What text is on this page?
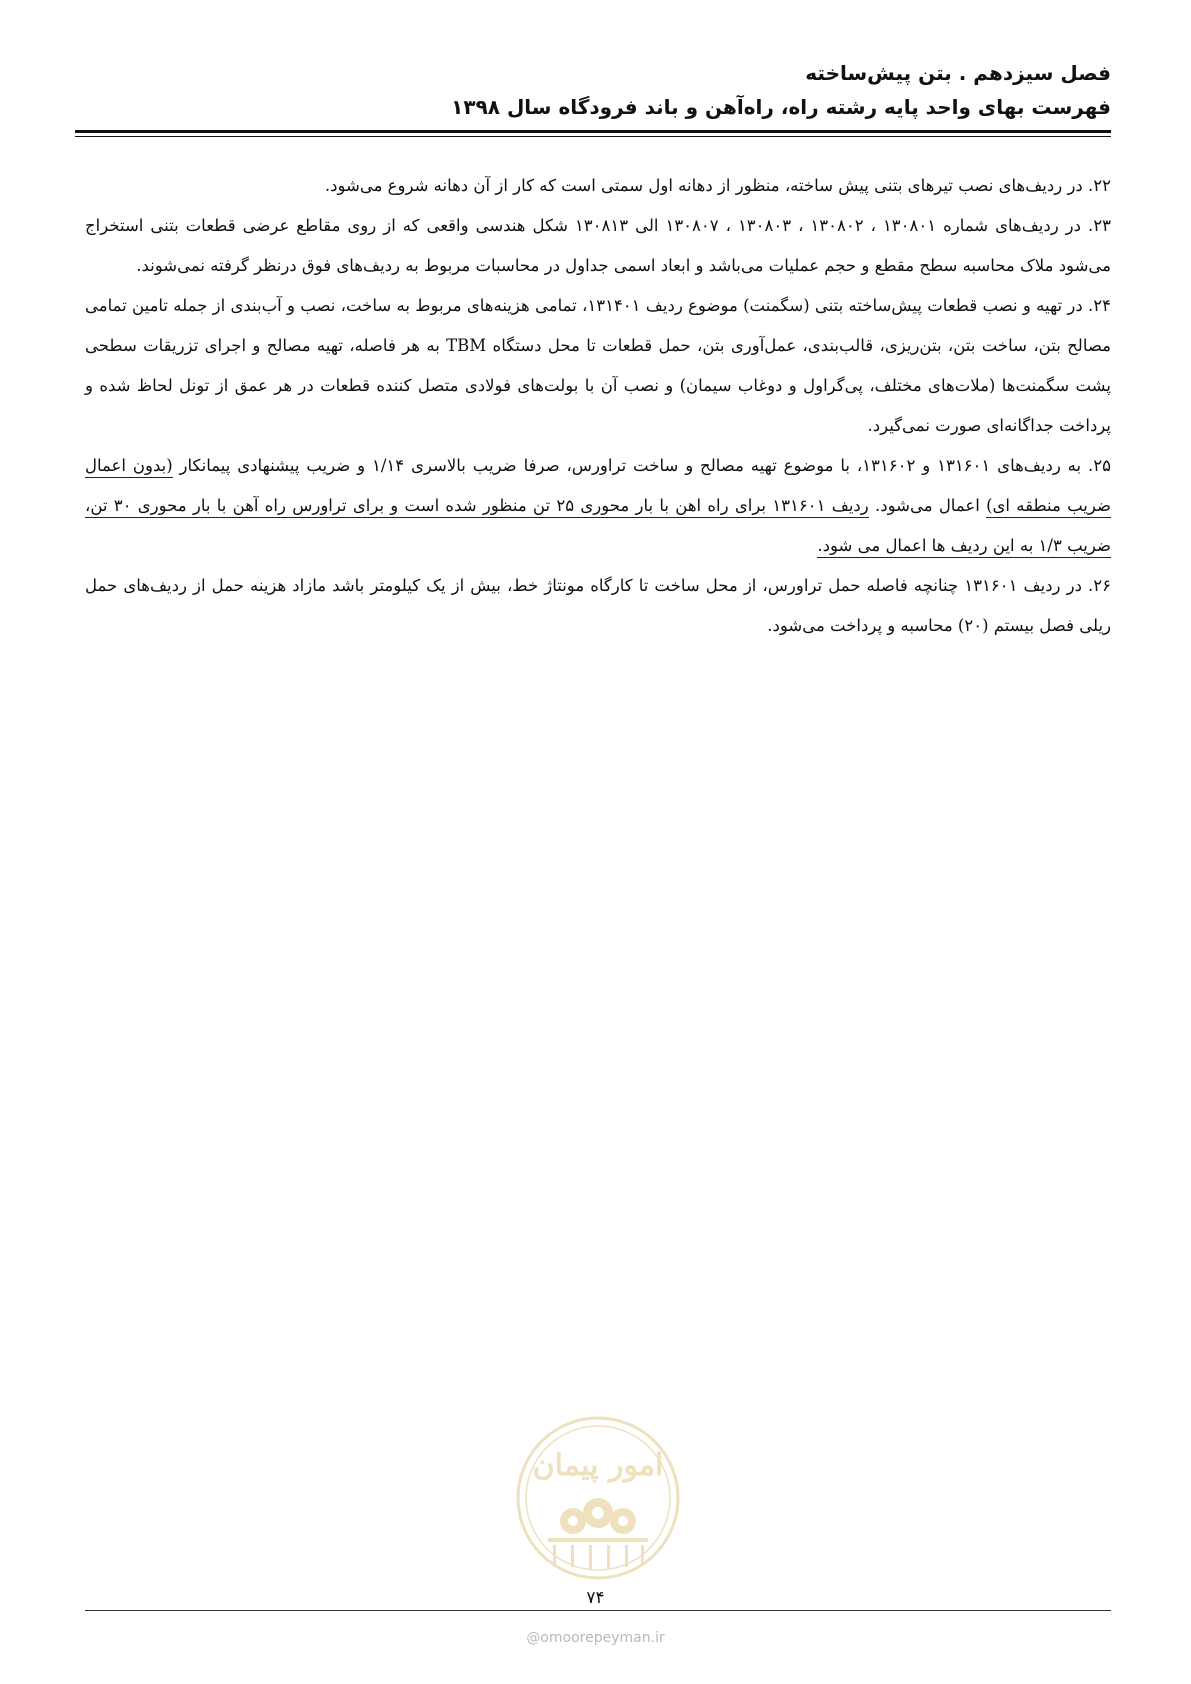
فصل سیزدهم . بتن پیش‌ساخته
فهرست بهای واحد پایه رشته راه، راه‌آهن و باند فرودگاه سال ۱۳۹۸

۲۲. در ردیف‌های نصب تیرهای بتنی پیش ساخته، منظور از دهانه اول سمتی است که کار از آن دهانه شروع می‌شود.

۲۳. در ردیف‌های شماره ۱۳۰۸۰۱ ، ۱۳۰۸۰۲ ، ۱۳۰۸۰۳ ، ۱۳۰۸۰۷ الی ۱۳۰۸۱۳ شکل هندسی واقعی که از روی مقاطع عرضی قطعات بتنی استخراج می‌شود ملاک محاسبه سطح مقطع و حجم عملیات می‌باشد و ابعاد اسمی جداول در محاسبات مربوط به ردیف‌های فوق درنظر گرفته نمی‌شوند.

۲۴. در تهیه و نصب قطعات پیش‌ساخته بتنی (سگمنت) موضوع ردیف ۱۳۱۴۰۱، تمامی هزینه‌های مربوط به ساخت، نصب و آب‌بندی از جمله تامین تمامی مصالح بتن، ساخت بتن، بتن‌ریزی، قالب‌بندی، عمل‌آوری بتن، حمل قطعات تا محل دستگاه TBM به هر فاصله، تهیه مصالح و اجرای تزریقات سطحی پشت سگمنت‌ها (ملات‌های مختلف، پی‌گراول و دوغاب سیمان) و نصب آن با بولت‌های فولادی متصل کننده قطعات در هر عمق از تونل لحاظ شده و پرداخت جداگانه‌ای صورت نمی‌گیرد.

۲۵. به ردیف‌های ۱۳۱۶۰۱ و ۱۳۱۶۰۲، با موضوع تهیه مصالح و ساخت تراورس، صرفا ضریب بالاسری ۱/۱۴ و ضریب پیشنهادی پیمانکار (بدون اعمال ضریب منطقه ای) اعمال می‌شود. ردیف ۱۳۱۶۰۱ برای راه اهن با بار محوری ۲۵ تن منظور شده است و برای تراورس راه آهن با بار محوری ۳۰ تن، ضریب ۱/۳ به این ردیف ها اعمال می شود.

۲۶. در ردیف ۱۳۱۶۰۱ چنانچه فاصله حمل تراورس، از محل ساخت تا کارگاه مونتاژ خط، بیش از یک کیلومتر باشد مازاد هزینه حمل از ردیف‌های حمل ریلی فصل بیستم (۲۰) محاسبه و پرداخت می‌شود.

امور پیمان
۷۴
@omoorepeyman.ir
